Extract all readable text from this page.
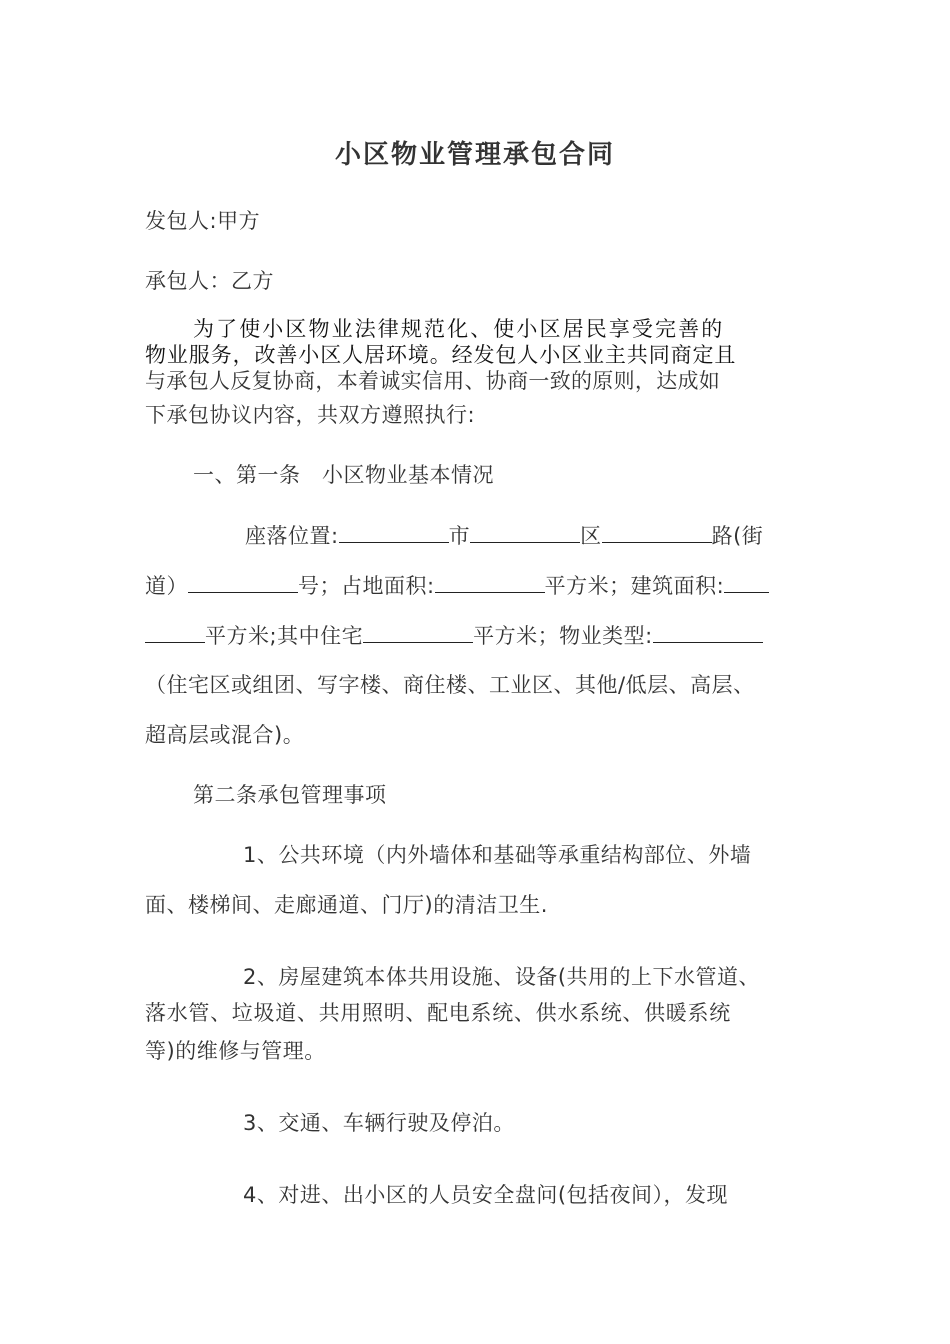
小区物业管理承包合同
发包人:甲方
承包人：乙方
为了使小区物业法律规范化、使小区居民享受完善的
物业服务，改善小区人居环境。经发包人小区业主共同商定且
与承包人反复协商，本着诚实信用、协商一致的原则，达成如
下承包协议内容，共双方遵照执行:
一、第一条　小区物业基本情况
座落位置:	市	区	路(街
道）	号；占地面积:	平方米；建筑面积:
平方米;其中住宅	平方米；物业类型:
（住宅区或组团、写字楼、商住楼、工业区、其他/低层、高层、
超高层或混合)。
第二条承包管理事项
1、公共环境（内外墙体和基础等承重结构部位、外墙
面、楼梯间、走廊通道、门厅)的清洁卫生.
2、房屋建筑本体共用设施、设备(共用的上下水管道、
落水管、垃圾道、共用照明、配电系统、供水系统、供暖系统
等)的维修与管理。
3、交通、车辆行驶及停泊。
4、对进、出小区的人员安全盘问(包括夜间），发现
